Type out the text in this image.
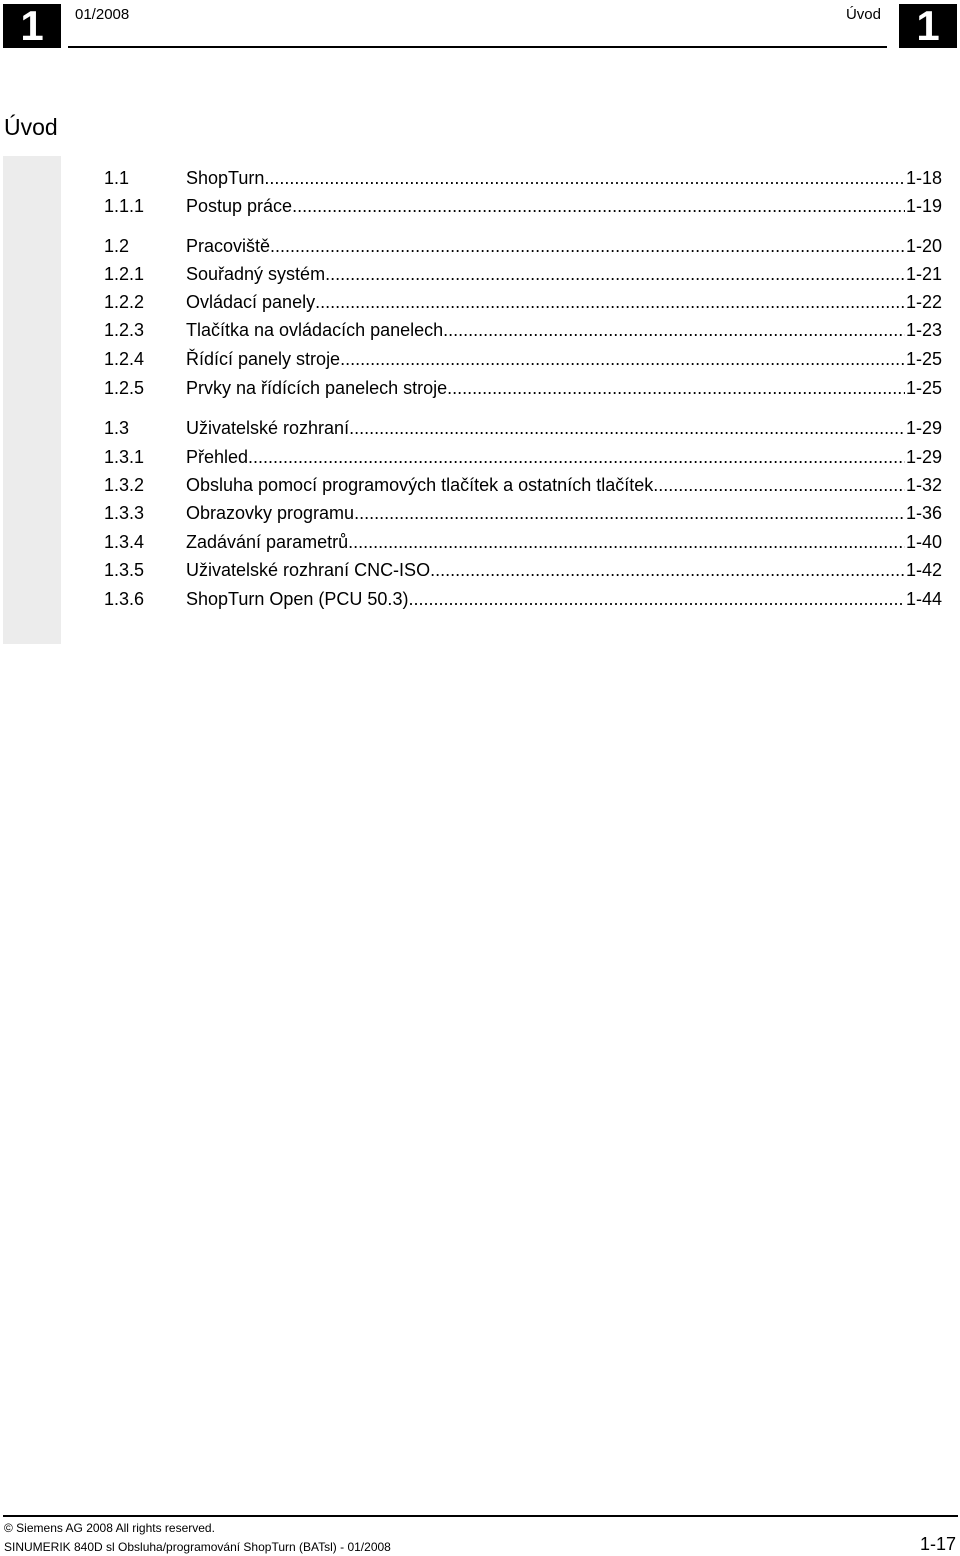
1	01/2008	Úvod 1
Úvod
1.1	ShopTurn .....	1-18
1.1.1 Postup práce .....	1-19
1.2	Pracoviště .....	1-20
1.2.1 Souřadný systém .....	1-21
1.2.2 Ovládací panely .....	1-22
1.2.3 Tlačítka na ovládacích panelech .....	1-23
1.2.4 Řídící panely stroje .....	1-25
1.2.5 Prvky na řídících panelech stroje .....	1-25
1.3	Uživatelské rozhraní .....	1-29
1.3.1 Přehled .....	1-29
1.3.2 Obsluha pomocí programových tlačítek a ostatních tlačítek .....	1-32
1.3.3 Obrazovky programu .....	1-36
1.3.4 Zadávání parametrů .....	1-40
1.3.5 Uživatelské rozhraní CNC-ISO .....	1-42
1.3.6 ShopTurn Open (PCU 50.3) .....	1-44
© Siemens AG 2008 All rights reserved.
SINUMERIK 840D sl Obsluha/programování ShopTurn (BATsl) - 01/2008	1-17
